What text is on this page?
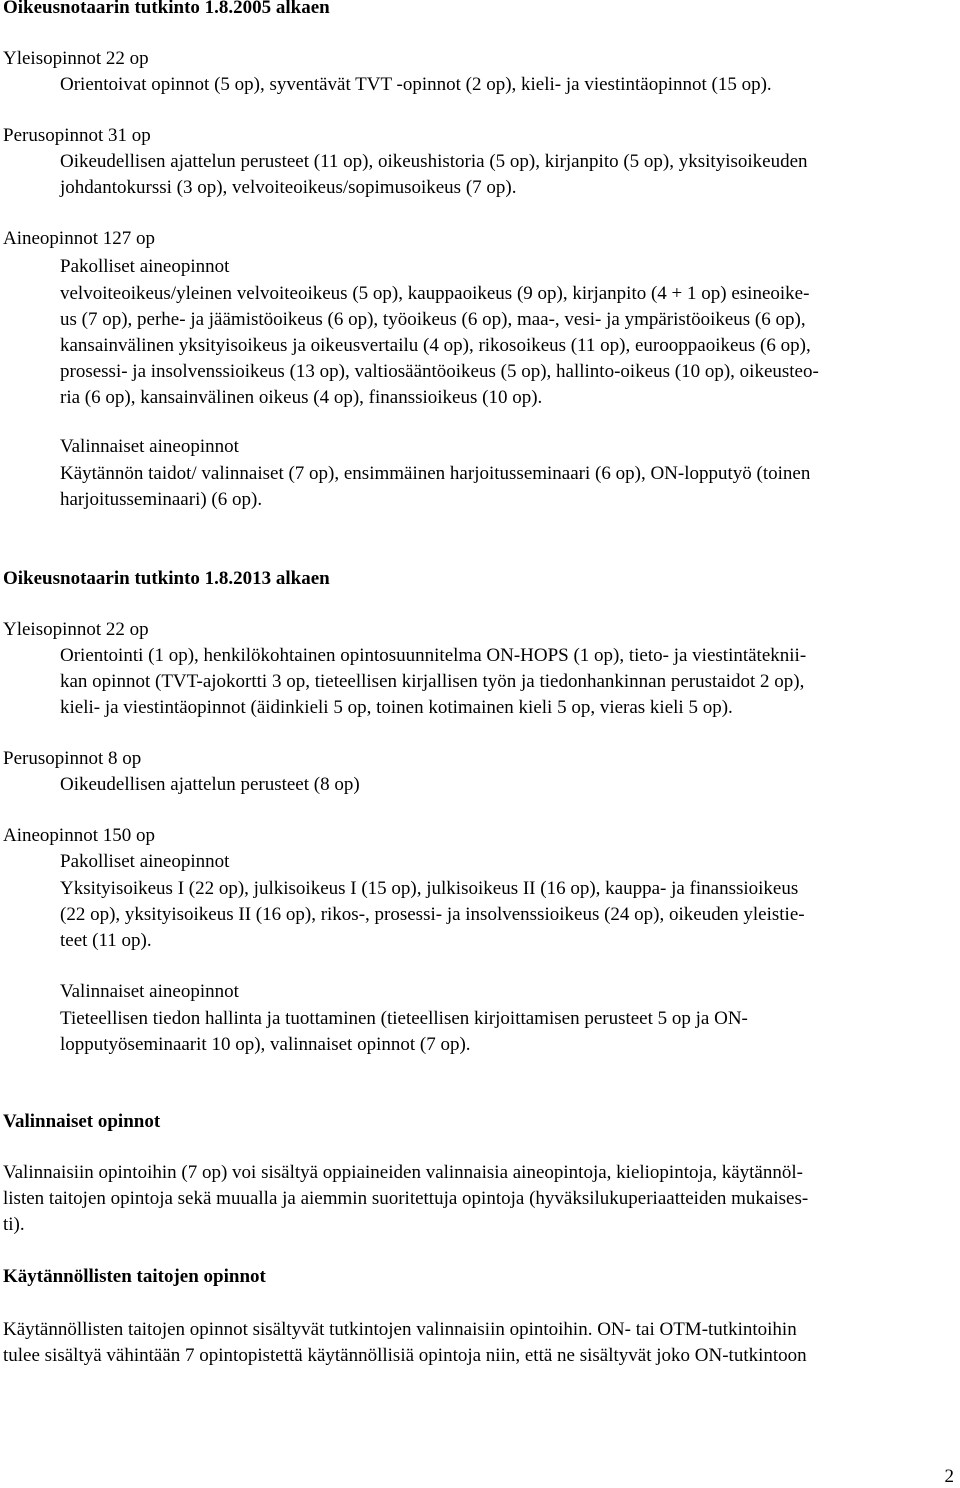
Oikeusnotaarin tutkinto 1.8.2005 alkaen
Yleisopinnot 22 op
Orientoivat opinnot (5 op), syventävät TVT -opinnot (2 op), kieli- ja viestintäopinnot (15 op).
Perusopinnot 31 op
Oikeudellisen ajattelun perusteet (11 op), oikeushistoria (5 op), kirjanpito (5 op), yksityisoikeuden
johdantokurssi (3 op), velvoiteoikeus/sopimusoikeus (7 op).
Aineopinnot 127 op
Pakolliset aineopinnot
velvoiteoikeus/yleinen velvoiteoikeus (5 op), kauppaoikeus (9 op), kirjanpito (4 + 1 op) esineoike-
us (7 op), perhe- ja jäämistöoikeus (6 op), työoikeus (6 op), maa-, vesi- ja ympäristöoikeus (6 op),
kansainvälinen yksityisoikeus ja oikeusvertailu (4 op), rikosoikeus (11 op), eurooppaoikeus (6 op),
prosessi- ja insolvenssioikeus (13 op), valtiosääntöoikeus (5 op), hallinto-oikeus (10 op), oikeusteo-
ria (6 op), kansainvälinen oikeus (4 op), finanssioikeus (10 op).
Valinnaiset aineopinnot
Käytännön taidot/ valinnaiset (7 op), ensimmäinen harjoitusseminaari (6 op), ON-lopputyö (toinen
harjoitusseminaari) (6 op).
Oikeusnotaarin tutkinto 1.8.2013 alkaen
Yleisopinnot 22 op
Orientointi (1 op), henkilökohtainen opintosuunnitelma ON-HOPS (1 op), tieto- ja viestintäteknii-
kan opinnot (TVT-ajokortti 3 op, tieteellisen kirjallisen työn ja tiedonhankinnan perustaidot 2 op),
kieli- ja viestintäopinnot (äidinkieli 5 op, toinen kotimainen kieli 5 op, vieras kieli 5 op).
Perusopinnot 8 op
Oikeudellisen ajattelun perusteet (8 op)
Aineopinnot 150 op
Pakolliset aineopinnot
Yksityisoikeus I (22 op), julkisoikeus I (15 op), julkisoikeus II (16 op), kauppa- ja finanssioikeus
(22 op), yksityisoikeus II (16 op), rikos-, prosessi- ja insolvenssioikeus (24 op), oikeuden yleistie-
teet (11 op).
Valinnaiset aineopinnot
Tieteellisen tiedon hallinta ja tuottaminen (tieteellisen kirjoittamisen perusteet 5 op ja ON-
lopputyöseminaarit 10 op), valinnaiset opinnot (7 op).
Valinnaiset opinnot
Valinnaisiin opintoihin (7 op) voi sisältyä oppiaineiden valinnaisia aineopintoja, kieliopintoja, käytännöl-
listen taitojen opintoja sekä muualla ja aiemmin suoritettuja opintoja (hyväksilukuperiaatteiden mukaises-
ti).
Käytännöllisten taitojen opinnot
Käytännöllisten taitojen opinnot sisältyvät tutkintojen valinnaisiin opintoihin. ON- tai OTM-tutkintoihin
tulee sisältyä vähintään 7 opintopistettä käytännöllisiä opintoja niin, että ne sisältyvät joko ON-tutkintoon
2
